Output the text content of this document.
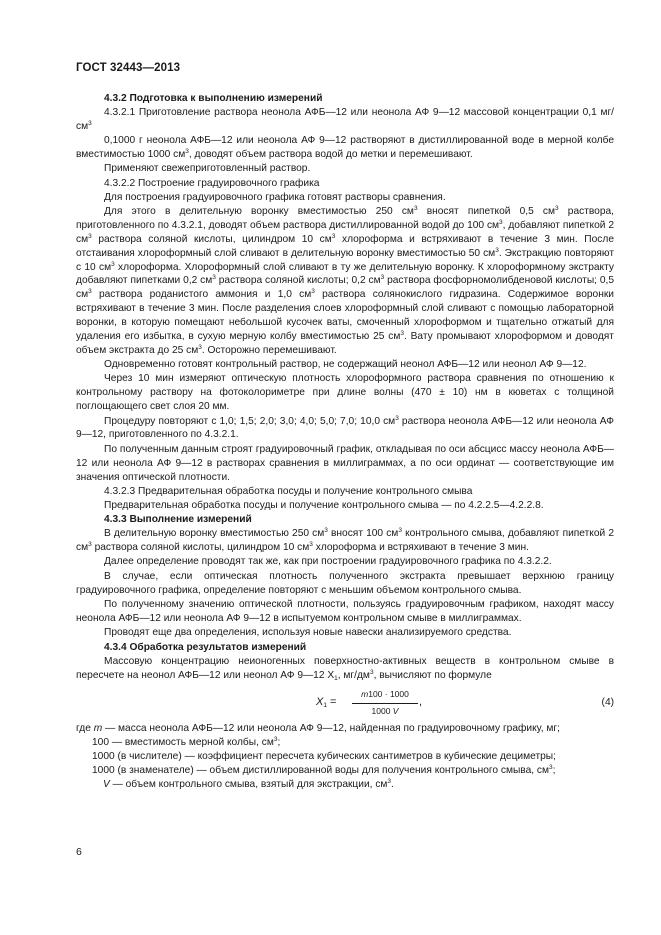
ГОСТ 32443—2013

4.3.2 Подготовка к выполнению измерений

4.3.2.1 Приготовление раствора неонола АФБ—12 или неонола АФ 9—12 массовой концентрации 0,1 $мг/см^3$

0,1000 г неонола АФБ—12 или неонола АФ 9—12 растворяют в дистиллированной воде в мерной колбе вместимостью 1000 $см^3$, доводят объем раствора водой до метки и перемешивают.

Применяют свежеприготовленный раствор.

4.3.2.2 Построение градуировочного графика

Для построения градуировочного графика готовят растворы сравнения.

Для этого в делительную воронку вместимостью 250 $см^3$ вносят пипеткой 0,5 $см^3$ раствора, приготовленного по 4.3.2.1, доводят объем раствора дистиллированной водой до 100 $см^3$, добавляют пипеткой 2 $см^3$ раствора соляной кислоты, цилиндром 10 $см^3$ хлороформа и встряхивают в течение 3 мин. После отстаивания хлороформный слой сливают в делительную воронку вместимостью 50 $см^3$. Экстракцию повторяют с 10 $см^3$ хлороформа. Хлороформный слой сливают в ту же делительную воронку. К хлороформному экстракту добавляют пипетками 0,2 $см^3$ раствора соляной кислоты; 0,2 $см^3$ раствора фосфорномолибденовой кислоты; 0,5 $см^3$ раствора роданистого аммония и 1,0 $см^3$ раствора солянокислого гидразина. Содержимое воронки встряхивают в течение 3 мин. После разделения слоев хлороформный слой сливают с помощью лабораторной воронки, в которую помещают небольшой кусочек ваты, смоченный хлороформом и тщательно отжатый для удаления его избытка, в сухую мерную колбу вместимостью 25 $см^3$. Вату промывают хлороформом и доводят объем экстракта до 25 $см^3$. Осторожно перемешивают.

Одновременно готовят контрольный раствор, не содержащий неонол АФБ—12 или неонол АФ 9—12.

Через 10 мин измеряют оптическую плотность хлороформного раствора сравнения по отношению к контрольному раствору на фотоколориметре при длине волны (470 ± 10) нм в кюветах с толщиной поглощающего свет слоя 20 мм.

Процедуру повторяют с 1,0; 1,5; 2,0; 3,0; 4,0; 5,0; 7,0; 10,0 $см^3$ раствора неонола АФБ—12 или неонола АФ 9—12, приготовленного по 4.3.2.1.

По полученным данным строят градуировочный график, откладывая по оси абсцисс массу неонола АФБ—12 или неонола АФ 9—12 в растворах сравнения в миллиграммах, а по оси ординат — соответствующие им значения оптической плотности.

4.3.2.3 Предварительная обработка посуды и получение контрольного смыва

Предварительная обработка посуды и получение контрольного смыва — по 4.2.2.5—4.2.2.8.

4.3.3 Выполнение измерений

В делительную воронку вместимостью 250 $см^3$ вносят 100 $см^3$ контрольного смыва, добавляют пипеткой 2 $см^3$ раствора соляной кислоты, цилиндром 10 $см^3$ хлороформа и встряхивают в течение 3 мин.

Далее определение проводят так же, как при построении градуировочного графика по 4.3.2.2.

В случае, если оптическая плотность полученного экстракта превышает верхнюю границу градуировочного графика, определение повторяют с меньшим объемом контрольного смыва.

По полученному значению оптической плотности, пользуясь градуировочным графиком, находят массу неонола АФБ—12 или неонола АФ 9—12 в испытуемом контрольном смыве в миллиграммах.

Проводят еще два определения, используя новые навески анализируемого средства.

4.3.4 Обработка результатов измерений

Массовую концентрацию неионогенных поверхностно-активных веществ в контрольном смыве в пересчете на неонол АФБ—12 или неонол АФ 9—12 $X_1$, $мг/дм^3$, вычисляют по формуле

$X_1 = \frac{m100 \cdot 1000}{1000 V}$ ,	(4)

где m — масса неонола АФБ—12 или неонола АФ 9—12, найденная по градуировочному графику, мг;

100 — вместимость мерной колбы, $см^3$;

1000 (в числителе) — коэффициент пересчета кубических сантиметров в кубические дециметры;

1000 (в знаменателе) — объем дистиллированной воды для получения контрольного смыва, $см^3$;

V — объем контрольного смыва, взятый для экстракции, $см^3$.

6
